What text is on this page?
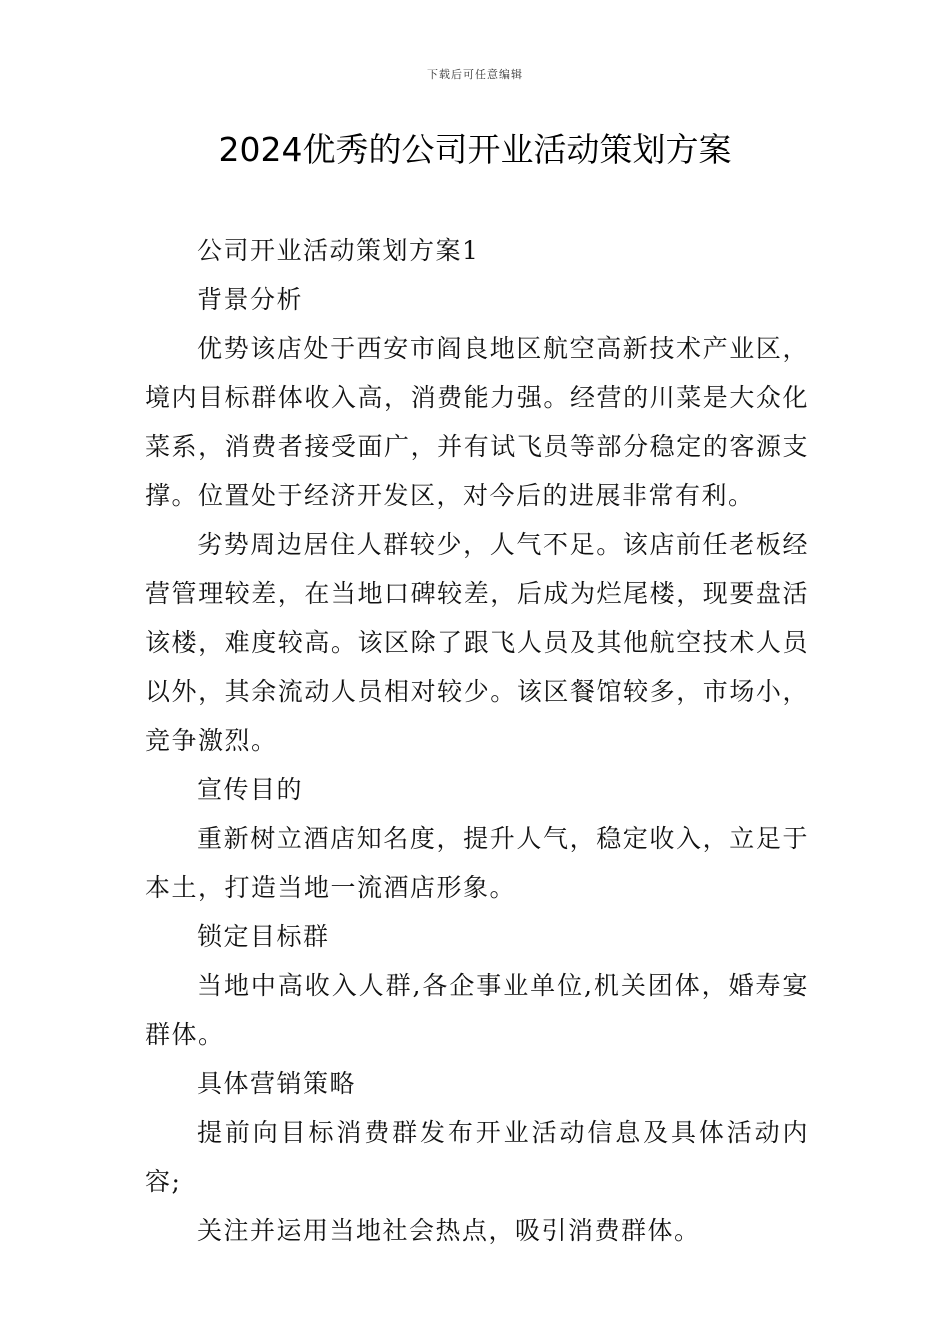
下载后可任意编辑
2024优秀的公司开业活动策划方案

公司开业活动策划方案1

背景分析

优势该店处于西安市阎良地区航空高新技术产业区，境内目标群体收入高，消费能力强。经营的川菜是大众化菜系，消费者接受面广，并有试飞员等部分稳定的客源支撑。位置处于经济开发区，对今后的进展非常有利。

劣势周边居住人群较少，人气不足。该店前任老板经营管理较差，在当地口碑较差，后成为烂尾楼，现要盘活该楼，难度较高。该区除了跟飞人员及其他航空技术人员以外，其余流动人员相对较少。该区餐馆较多，市场小，竞争激烈。

宣传目的

重新树立酒店知名度，提升人气，稳定收入，立足于本土，打造当地一流酒店形象。

锁定目标群

当地中高收入人群,各企事业单位,机关团体，婚寿宴群体。

具体营销策略

提前向目标消费群发布开业活动信息及具体活动内容;

关注并运用当地社会热点，吸引消费群体。
